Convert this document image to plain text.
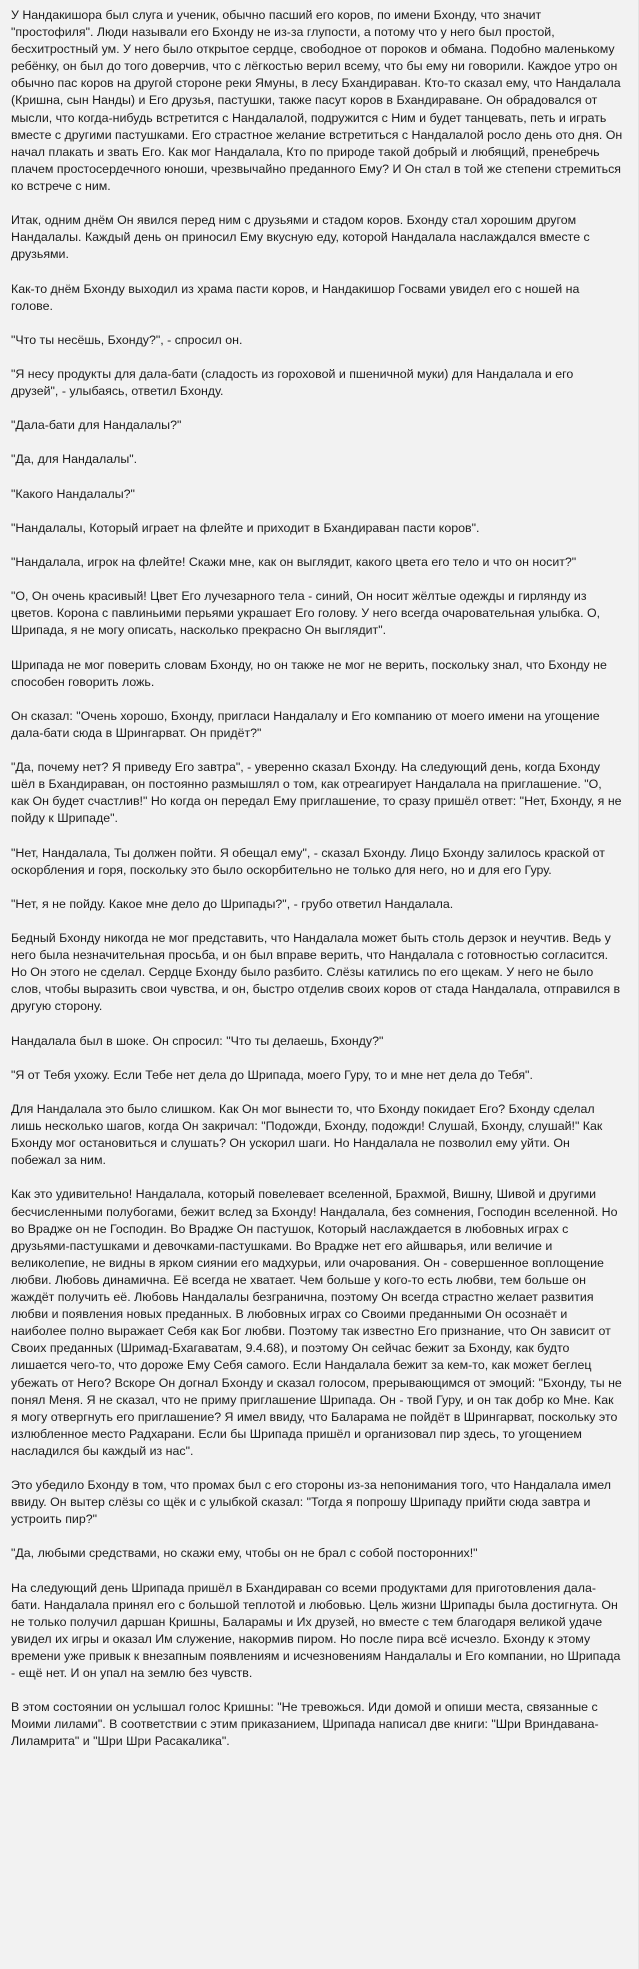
У Нандакишора был слуга и ученик, обычно пасший его коров, по имени Бхонду, что значит "простофиля". Люди называли его Бхонду не из-за глупости, а потому что у него был простой, бесхитростный ум. У него было открытое сердце, свободное от пороков и обмана. Подобно маленькому ребёнку, он был до того доверчив, что с лёгкостью верил всему, что бы ему ни говорили. Каждое утро он обычно пас коров на другой стороне реки Ямуны, в лесу Бхандираван. Кто-то сказал ему, что Нандалала (Кришна, сын Нанды) и Его друзья, пастушки, также пасут коров в Бхандираване. Он обрадовался от мысли, что когда-нибудь встретится с Нандалалой, подружится с Ним и будет танцевать, петь и играть вместе с другими пастушками. Его страстное желание встретиться с Нандалалой росло день ото дня. Он начал плакать и звать Его. Как мог Нандалала, Кто по природе такой добрый и любящий, пренебречь плачем простосердечного юноши, чрезвычайно преданного Ему? И Он стал в той же степени стремиться ко встрече с ним.

Итак, одним днём Он явился перед ним с друзьями и стадом коров. Бхонду стал хорошим другом Нандалалы. Каждый день он приносил Ему вкусную еду, которой Нандалала наслаждался вместе с друзьями.

Как-то днём Бхонду выходил из храма пасти коров, и Нандакишор Госвами увидел его с ношей на голове.

"Что ты несёшь, Бхонду?", - спросил он.

"Я несу продукты для дала-бати (сладость из гороховой и пшеничной муки) для Нандалала и его друзей", - улыбаясь, ответил Бхонду.

"Дала-бати для Нандалалы?"

"Да, для Нандалалы".

"Какого Нандалалы?"

"Нандалалы, Который играет на флейте и приходит в Бхандираван пасти коров".

"Нандалала, игрок на флейте! Скажи мне, как он выглядит, какого цвета его тело и что он носит?"

"О, Он очень красивый! Цвет Его лучезарного тела - синий, Он носит жёлтые одежды и гирлянду из цветов. Корона с павлиньими перьями украшает Его голову. У него всегда очаровательная улыбка. О, Шрипада, я не могу описать, насколько прекрасно Он выглядит".

Шрипада не мог поверить словам Бхонду, но он также не мог не верить, поскольку знал, что Бхонду не способен говорить ложь.

Он сказал: "Очень хорошо, Бхонду, пригласи Нандалалу и Его компанию от моего имени на угощение дала-бати сюда в Шрингарват. Он придёт?"

"Да, почему нет? Я приведу Его завтра", - уверенно сказал Бхонду. На следующий день, когда Бхонду шёл в Бхандираван, он постоянно размышлял о том, как отреагирует Нандалала на приглашение. "О, как Он будет счастлив!" Но когда он передал Ему приглашение, то сразу пришёл ответ: "Нет, Бхонду, я не пойду к Шрипаде".

"Нет, Нандалала, Ты должен пойти. Я обещал ему", - сказал Бхонду. Лицо Бхонду залилось краской от оскорбления и горя, поскольку это было оскорбительно не только для него, но и для его Гуру.

"Нет, я не пойду. Какое мне дело до Шрипады?", - грубо ответил Нандалала.

Бедный Бхонду никогда не мог представить, что Нандалала может быть столь дерзок и неучтив. Ведь у него была незначительная просьба, и он был вправе верить, что Нандалала с готовностью согласится. Но Он этого не сделал. Сердце Бхонду было разбито. Слёзы катились по его щекам. У него не было слов, чтобы выразить свои чувства, и он, быстро отделив своих коров от стада Нандалала, отправился в другую сторону.

Нандалала был в шоке. Он спросил: "Что ты делаешь, Бхонду?"

"Я от Тебя ухожу. Если Тебе нет дела до Шрипада, моего Гуру, то и мне нет дела до Тебя".

Для Нандалала это было слишком. Как Он мог вынести то, что Бхонду покидает Его? Бхонду сделал лишь несколько шагов, когда Он закричал: "Подожди, Бхонду, подожди! Слушай, Бхонду, слушай!" Как Бхонду мог остановиться и слушать? Он ускорил шаги. Но Нандалала не позволил ему уйти. Он побежал за ним.

Как это удивительно! Нандалала, который повелевает вселенной, Брахмой, Вишну, Шивой и другими бесчисленными полубогами, бежит вслед за Бхонду! Нандалала, без сомнения, Господин вселенной. Но во Врадже он не Господин. Во Врадже Он пастушок, Который наслаждается в любовных играх с друзьями-пастушками и девочками-пастушками. Во Врадже нет его айшварья, или величие и великолепие, не видны в ярком сиянии его мадхурьи, или очарования. Он - совершенное воплощение любви. Любовь динамична. Её всегда не хватает. Чем больше у кого-то есть любви, тем больше он жаждёт получить её. Любовь Нандалалы безгранична, поэтому Он всегда страстно желает развития любви и появления новых преданных. В любовных играх со Своими преданными Он осознаёт и наиболее полно выражает Себя как Бог любви. Поэтому так известно Его признание, что Он зависит от Своих преданных (Шримад-Бхагаватам, 9.4.68), и поэтому Он сейчас бежит за Бхонду, как будто лишается чего-то, что дороже Ему Себя самого. Если Нандалала бежит за кем-то, как может беглец убежать от Него? Вскоре Он догнал Бхонду и сказал голосом, прерывающимся от эмоций: "Бхонду, ты не понял Меня. Я не сказал, что не приму приглашение Шрипада. Он - твой Гуру, и он так добр ко Мне. Как я могу отвергнуть его приглашение? Я имел ввиду, что Баларама не пойдёт в Шрингарват, поскольку это излюбленное место Радхарани. Если бы Шрипада пришёл и организовал пир здесь, то угощением насладился бы каждый из нас".

Это убедило Бхонду в том, что промах был с его стороны из-за непонимания того, что Нандалала имел ввиду. Он вытер слёзы со щёк и с улыбкой сказал: "Тогда я попрошу Шрипаду прийти сюда завтра и устроить пир?"

"Да, любыми средствами, но скажи ему, чтобы он не брал с собой посторонних!"

На следующий день Шрипада пришёл в Бхандираван со всеми продуктами для приготовления дала-бати. Нандалала принял его с большой теплотой и любовью. Цель жизни Шрипады была достигнута. Он не только получил даршан Кришны, Баларамы и Их друзей, но вместе с тем благодаря великой удаче увидел их игры и оказал Им служение, накормив пиром. Но после пира всё исчезло. Бхонду к этому времени уже привык к внезапным появлениям и исчезновениям Нандалалы и Его компании, но Шрипада - ещё нет. И он упал на землю без чувств.

В этом состоянии он услышал голос Кришны: "Не тревожься. Иди домой и опиши места, связанные с Моими лилами". В соответствии с этим приказанием, Шрипада написал две книги: "Шри Вриндавана-Лиламрита" и "Шри Шри Расакалика".
